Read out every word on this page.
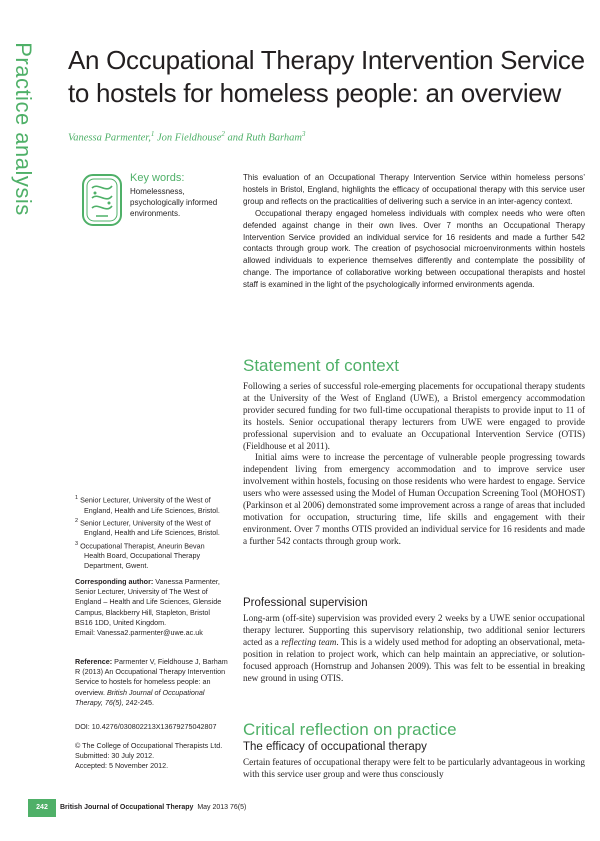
Practice analysis An Occupational Therapy Intervention Service to hostels for homeless people: an overview
Vanessa Parmenter,$^1$ Jon Fieldhouse$^2$ and Ruth Barham$^3$
Key words:
Homelessness, psychologically informed environments.

This evaluation of an Occupational Therapy Intervention Service within homeless persons’ hostels in Bristol, England, highlights the efficacy of occupational therapy with this service user group and reflects on the practicalities of delivering such a service in an inter-agency context.

Occupational therapy engaged homeless individuals with complex needs who were often defended against change in their own lives. Over 7 months an Occupational Therapy Intervention Service provided an individual service for 16 residents and made a further 542 contacts through group work. The creation of psychosocial microenvironments within hostels allowed individuals to experience themselves differently and contemplate the possibility of change. The importance of collaborative working between occupational therapists and hostel staff is examined in the light of the psychologically informed environments agenda.

Statement of context

Following a series of successful role-emerging placements for occupational therapy students at the University of the West of England (UWE), a Bristol emergency accommodation provider secured funding for two full-time occupational therapists to provide input to 11 of its hostels. Senior occupational therapy lecturers from UWE were engaged to provide professional supervision and to evaluate an Occupational Intervention Service (OTIS) (Fieldhouse et al 2011).

Initial aims were to increase the percentage of vulnerable people progressing towards independent living from emergency accommodation and to improve service user involvement within hostels, focusing on those residents who were hardest to engage. Service users who were assessed using the Model of Human Occupation Screening Tool (MOHOST) (Parkinson et al 2006) demonstrated some improvement across a range of areas that included motivation for occupation, structuring time, life skills and engagement with their environment. Over 7 months OTIS provided an individual service for 16 residents and made a further 542 contacts through group work.

Professional supervision

Long-arm (off-site) supervision was provided every 2 weeks by a UWE senior occupational therapy lecturer. Supporting this supervisory relationship, two additional senior lecturers acted as a reflecting team. This is a widely used method for adopting an observational, meta-position in relation to project work, which can help maintain an appreciative, or solution-focused approach (Hornstrup and Johansen 2009). This was felt to be essential in breaking new ground in using OTIS.

Critical reflection on practice
The efficacy of occupational therapy

Certain features of occupational therapy were felt to be particularly advantageous in working with this service user group and were thus consciously

$^1$ Senior Lecturer, University of the West of England, Health and Life Sciences, Bristol.
$^2$ Senior Lecturer, University of the West of England, Health and Life Sciences, Bristol.
$^3$ Occupational Therapist, Aneurin Bevan Health Board, Occupational Therapy Department, Gwent.
Corresponding author: Vanessa Parmenter, Senior Lecturer, University of The West of England – Health and Life Sciences, Glenside Campus, Blackberry Hill, Stapleton, Bristol BS16 1DD, United Kingdom.
Email: Vanessa2.parmenter@uwe.ac.uk
Reference: Parmenter V, Fieldhouse J, Barham R (2013) An Occupational Therapy Intervention Service to hostels for homeless people: an overview. British Journal of Occupational Therapy, 76(5), 242-245.
DOI: 10.4276/030802213X13679275042807
© The College of Occupational Therapists Ltd.
Submitted: 30 July 2012.
Accepted: 5 November 2012.
242	British Journal of Occupational Therapy May 2013 76(5)
